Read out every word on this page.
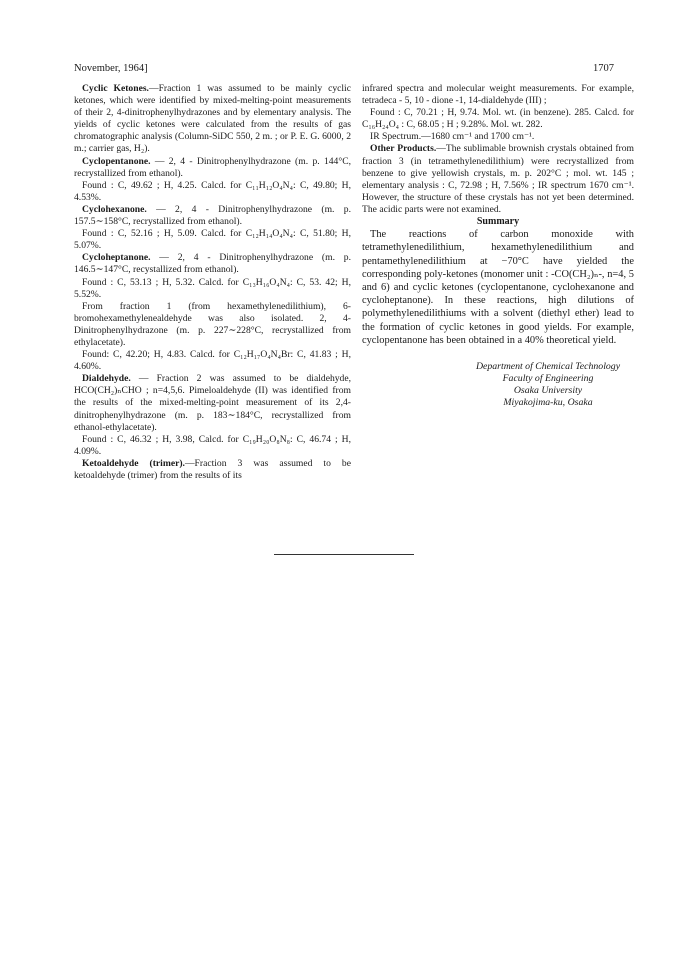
November, 1964]	1707

Cyclic Ketones.—Fraction 1 was assumed to be mainly cyclic ketones, which were identified by mixed-melting-point measurements of their 2, 4-dinitrophenylhydrazones and by elementary analysis. The yields of cyclic ketones were calculated from the results of gas chromatographic analysis (Column-SiDC 550, 2 m. ; or P. E. G. 6000, 2 m.; carrier gas, H₂).

Cyclopentanone. — 2, 4 - Dinitrophenylhydrazone (m. p. 144°C, recrystallized from ethanol).

Found : C, 49.62 ; H, 4.25. Calcd. for C₁₁H₁₂O₄N₄: C, 49.80; H, 4.53%.

Cyclohexanone. — 2, 4 - Dinitrophenylhydrazone (m. p. 157.5∼158°C, recrystallized from ethanol).

Found : C, 52.16 ; H, 5.09. Calcd. for C₁₂H₁₄O₄N₄: C, 51.80; H, 5.07%.

Cycloheptanone. — 2, 4 - Dinitrophenylhydrazone (m. p. 146.5∼147°C, recystallized from ethanol).

Found : C, 53.13 ; H, 5.32. Calcd. for C₁₃H₁₆O₄N₄: C, 53. 42; H, 5.52%.

From fraction 1 (from hexamethylenedilithium), 6-bromohexamethylenealdehyde was also isolated. 2, 4-Dinitrophenylhydrazone (m. p. 227∼228°C, recrystallized from ethylacetate).

Found: C, 42.20; H, 4.83. Calcd. for C₁₂H₁₇O₄N₄Br: C, 41.83 ; H, 4.60%.

Dialdehyde. — Fraction 2 was assumed to be dialdehyde, HCO(CH₂)ₙCHO ; n=4,5,6. Pimeloaldehyde (II) was identified from the results of the mixed-melting-point measurement of its 2,4-dinitrophenylhydrazone (m. p. 183∼184°C, recrystallized from ethanol-ethylacetate).

Found : C, 46.32 ; H, 3.98, Calcd. for C₁₉H₂₀O₈N₈: C, 46.74 ; H, 4.09%.

Ketoaldehyde (trimer).—Fraction 3 was assumed to be ketoaldehyde (trimer) from the results of its

infrared spectra and molecular weight measurements. For example, tetradeca - 5, 10 - dione -1, 14-dialdehyde (III) ;

Found : C, 70.21 ; H, 9.74. Mol. wt. (in benzene). 285. Calcd. for C₁₆H₂₄O₄ : C, 68.05 ; H ; 9.28%. Mol. wt. 282.

IR Spectrum.—1680 cm⁻¹ and 1700 cm⁻¹.

Other Products.—The sublimable brownish crystals obtained from fraction 3 (in tetramethylenedilithium) were recrystallized from benzene to give yellowish crystals, m. p. 202°C ; mol. wt. 145 ; elementary analysis : C, 72.98 ; H, 7.56% ; IR spectrum 1670 cm⁻¹. However, the structure of these crystals has not yet been determined. The acidic parts were not examined.

Summary

The reactions of carbon monoxide with tetramethylenedilithium, hexamethylenedilithium and pentamethylenedilithium at −70°C have yielded the corresponding poly-ketones (monomer unit : -CO(CH₂)ₙ-, n=4, 5 and 6) and cyclic ketones (cyclopentanone, cyclohexanone and cycloheptanone). In these reactions, high dilutions of polymethylenedilithiums with a solvent (diethyl ether) lead to the formation of cyclic ketones in good yields. For example, cyclopentanone has been obtained in a 40% theoretical yield.

Department of Chemical Technology
Faculty of Engineering
Osaka University
Miyakojima-ku, Osaka
